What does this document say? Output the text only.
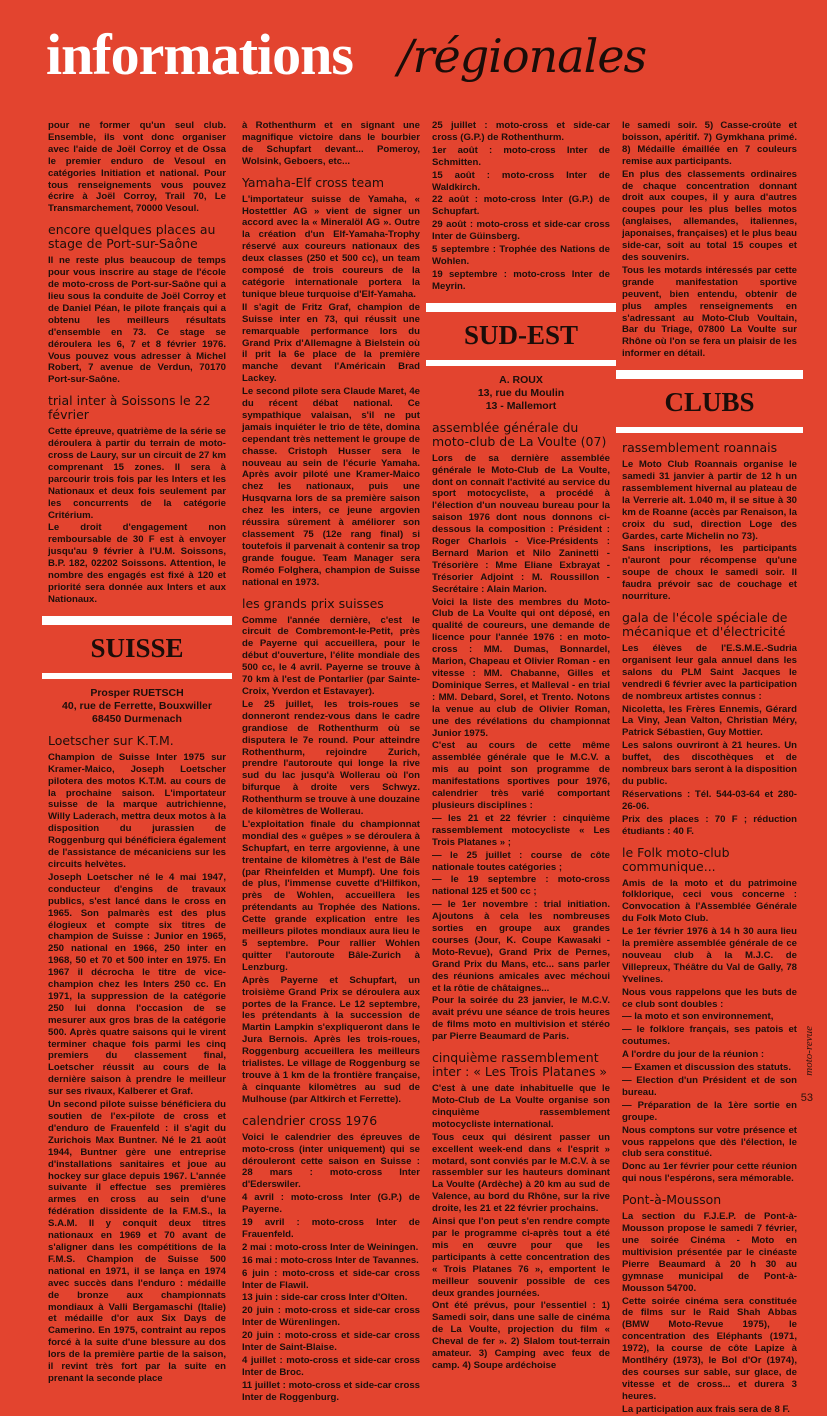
informations /régionales

pour ne former qu'un seul club. Ensemble, ils vont donc organiser avec l'aide de Joël Corroy et de Ossa le premier enduro de Vesoul en catégories Initiation et national. Pour tous renseignements vous pouvez écrire à Joël Corroy, Trail 70, Le Transmarchement, 70000 Vesoul.

encore quelques places au stage de Port-sur-Saône

Il ne reste plus beaucoup de temps pour vous inscrire au stage de l'école de moto-cross de Port-sur-Saône qui a lieu sous la conduite de Joël Corroy et de Daniel Péan, le pilote français qui a obtenu les meilleurs résultats d'ensemble en 73. Ce stage se déroulera les 6, 7 et 8 février 1976. Vous pouvez vous adresser à Michel Robert, 7 avenue de Verdun, 70170 Port-sur-Saône.

trial inter à Soissons le 22 février

Cette épreuve, quatrième de la série se déroulera à partir du terrain de moto-cross de Laury, sur un circuit de 27 km comprenant 15 zones. Il sera à parcourir trois fois par les Inters et les Nationaux et deux fois seulement par les concurrents de la catégorie Critérium.

Le droit d'engagement non remboursable de 30 F est à envoyer jusqu'au 9 février à l'U.M. Soissons, B.P. 182, 02202 Soissons. Attention, le nombre des engagés est fixé à 120 et priorité sera donnée aux Inters et aux Nationaux.

SUISSE

Prosper RUETSCH

40, rue de Ferrette, Bouxwiller

68450 Durmenach

Loetscher sur K.T.M.

Champion de Suisse Inter 1975 sur Kramer-Maico, Joseph Loetscher pilotera des motos K.T.M. au cours de la prochaine saison. L'importateur suisse de la marque autrichienne, Willy Laderach, mettra deux motos à la disposition du jurassien de Roggenburg qui bénéficiera également de l'assistance de mécaniciens sur les circuits helvètes.

Joseph Loetscher né le 4 mai 1947, conducteur d'engins de travaux publics, s'est lancé dans le cross en 1965. Son palmarès est des plus élogieux et compte six titres de champion de Suisse : Junior en 1965, 250 national en 1966, 250 inter en 1968, 50 et 70 et 500 inter en 1975. En 1967 il décrocha le titre de vice-champion chez les Inters 250 cc. En 1971, la suppression de la catégorie 250 lui donna l'occasion de se mesurer aux gros bras de la catégorie 500. Après quatre saisons qui le virent terminer chaque fois parmi les cinq premiers du classement final, Loetscher réussit au cours de la dernière saison à prendre le meilleur sur ses rivaux, Kalberer et Graf.

Un second pilote suisse bénéficiera du soutien de l'ex-pilote de cross et d'enduro de Frauenfeld : il s'agit du Zurichois Max Buntner. Né le 21 août 1944, Buntner gère une entreprise d'installations sanitaires et joue au hockey sur glace depuis 1967. L'année suivante il effectue ses premières armes en cross au sein d'une fédération dissidente de la F.M.S., la S.A.M. Il y conquit deux titres nationaux en 1969 et 70 avant de s'aligner dans les compétitions de la F.M.S. Champion de Suisse 500 national en 1971, il se lança en 1974 avec succès dans l'enduro : médaille de bronze aux championnats mondiaux à Valli Bergamaschi (Italie) et médaille d'or aux Six Days de Camerino. En 1975, contraint au repos forcé à la suite d'une blessure au dos lors de la première partie de la saison, il revint très fort par la suite en prenant la seconde place

à Rothenthurm et en signant une magnifique victoire dans le bourbier de Schupfart devant... Pomeroy, Wolsink, Geboers, etc...

Yamaha-Elf cross team

L'importateur suisse de Yamaha, « Hostettler AG » vient de signer un accord avec la « Mineralöl AG ». Outre la création d'un Elf-Yamaha-Trophy réservé aux coureurs nationaux des deux classes (250 et 500 cc), un team composé de trois coureurs de la catégorie internationale portera la tunique bleue turquoise d'Elf-Yamaha.

Il s'agit de Fritz Graf, champion de Suisse inter en 73, qui réussit une remarquable performance lors du Grand Prix d'Allemagne à Bielstein où il prit la 6e place de la première manche devant l'Américain Brad Lackey.

Le second pilote sera Claude Maret, 4e du récent débat national. Ce sympathique valaisan, s'il ne put jamais inquiéter le trio de tête, domina cependant très nettement le groupe de chasse. Cristoph Husser sera le nouveau au sein de l'écurie Yamaha. Après avoir piloté une Kramer-Maico chez les nationaux, puis une Husqvarna lors de sa première saison chez les inters, ce jeune argovien réussira sûrement à améliorer son classement 75 (12e rang final) si toutefois il parvenait à contenir sa trop grande fougue. Team Manager sera Roméo Folghera, champion de Suisse national en 1973.

les grands prix suisses

Comme l'année dernière, c'est le circuit de Combremont-le-Petit, près de Payerne qui accueillera, pour le début d'ouverture, l'élite mondiale des 500 cc, le 4 avril. Payerne se trouve à 70 km à l'est de Pontarlier (par Sainte-Croix, Yverdon et Estavayer).

Le 25 juillet, les trois-roues se donneront rendez-vous dans le cadre grandiose de Rothenthurm où se disputera le 7e round. Pour atteindre Rothenthurm, rejoindre Zurich, prendre l'autoroute qui longe la rive sud du lac jusqu'à Wollerau où l'on bifurque à droite vers Schwyz. Rothenthurm se trouve à une douzaine de kilomètres de Wollerau.

L'exploitation finale du championnat mondial des « guêpes » se déroulera à Schupfart, en terre argovienne, à une trentaine de kilomètres à l'est de Bâle (par Rheinfelden et Mumpf). Une fois de plus, l'immense cuvette d'Hilfikon, près de Wohlen, accueillera les prétendants au Trophée des Nations. Cette grande explication entre les meilleurs pilotes mondiaux aura lieu le 5 septembre. Pour rallier Wohlen quitter l'autoroute Bâle-Zurich à Lenzburg.

Après Payerne et Schupfart, un troisième Grand Prix se déroulera aux portes de la France. Le 12 septembre, les prétendants à la succession de Martin Lampkin s'expliqueront dans le Jura Bernois. Après les trois-roues, Roggenburg accueillera les meilleurs trialistes. Le village de Roggenburg se trouve à 1 km de la frontière française, à cinquante kilomètres au sud de Mulhouse (par Altkirch et Ferrette).

calendrier cross 1976

Voici le calendrier des épreuves de moto-cross (inter uniquement) qui se dérouleront cette saison en Suisse : 28 mars : moto-cross Inter d'Ederswiler.

4 avril : moto-cross Inter (G.P.) de Payerne.

19 avril : moto-cross Inter de Frauenfeld.

2 mai : moto-cross Inter de Weiningen.

16 mai : moto-cross Inter de Tavannes.

6 juin : moto-cross et side-car cross Inter de Flawil.

13 juin : side-car cross Inter d'Olten.

20 juin : moto-cross et side-car cross Inter de Würenlingen.

20 juin : moto-cross et side-car cross Inter de Saint-Blaise.

4 juillet : moto-cross et side-car cross Inter de Broc.

11 juillet : moto-cross et side-car cross Inter de Roggenburg.

25 juillet : moto-cross et side-car cross (G.P.) de Rothenthurm.

1er août : moto-cross Inter de Schmitten.

15 août : moto-cross Inter de Waldkirch.

22 août : moto-cross Inter (G.P.) de Schupfart.

29 août : moto-cross et side-car cross Inter de Güinsberg.

5 septembre : Trophée des Nations de Wohlen.

19 septembre : moto-cross Inter de Meyrin.

SUD-EST

A. ROUX

13, rue du Moulin

13 - Mallemort

assemblée générale du moto-club de La Voulte (07)

Lors de sa dernière assemblée générale le Moto-Club de La Voulte, dont on connaît l'activité au service du sport motocycliste, a procédé à l'élection d'un nouveau bureau pour la saison 1976 dont nous donnons ci-dessous la composition : Président : Roger Charlois - Vice-Présidents : Bernard Marion et Nilo Zaninetti - Trésorière : Mme Eliane Exbrayat - Trésorier Adjoint : M. Roussillon - Secrétaire : Alain Marion.

Voici la liste des membres du Moto-Club de La Voulte qui ont déposé, en qualité de coureurs, une demande de licence pour l'année 1976 : en moto-cross : MM. Dumas, Bonnardel, Marion, Chapeau et Olivier Roman - en vitesse : MM. Chabanne, Gilles et Dominique Serres, et Malleval - en trial : MM. Debard, Sorel, et Trento. Notons la venue au club de Olivier Roman, une des révélations du championnat Junior 1975.

C'est au cours de cette même assemblée générale que le M.C.V. a mis au point son programme de manifestations sportives pour 1976, calendrier très varié comportant plusieurs disciplines :

— les 21 et 22 février : cinquième rassemblement motocycliste « Les Trois Platanes » ;

— le 25 juillet : course de côte nationale toutes catégories ;

— le 19 septembre : moto-cross national 125 et 500 cc ;

— le 1er novembre : trial initiation. Ajoutons à cela les nombreuses sorties en groupe aux grandes courses (Jour, K. Coupe Kawasaki - Moto-Revue), Grand Prix de Pernes, Grand Prix du Mans, etc... sans parler des réunions amicales avec méchoui et la rôtie de châtaignes...

Pour la soirée du 23 janvier, le M.C.V. avait prévu une séance de trois heures de films moto en multivision et stéréo par Pierre Beaumard de Paris.

cinquième rassemblement inter : « Les Trois Platanes »

C'est à une date inhabituelle que le Moto-Club de La Voulte organise son cinquième rassemblement motocycliste international.

Tous ceux qui désirent passer un excellent week-end dans « l'esprit » motard, sont conviés par le M.C.V. à se rassembler sur les hauteurs dominant La Voulte (Ardèche) à 20 km au sud de Valence, au bord du Rhône, sur la rive droite, les 21 et 22 février prochains.

Ainsi que l'on peut s'en rendre compte par le programme ci-après tout a été mis en œuvre pour que les participants à cette concentration des « Trois Platanes 76 », emportent le meilleur souvenir possible de ces deux grandes journées.

Ont été prévus, pour l'essentiel : 1) Samedi soir, dans une salle de cinéma de La Voulte, projection du film « Cheval de fer ». 2) Slalom tout-terrain amateur. 3) Camping avec feux de camp. 4) Soupe ardéchoise

le samedi soir. 5) Casse-croûte et boisson, apéritif. 7) Gymkhana primé. 8) Médaille émaillée en 7 couleurs remise aux participants.

En plus des classements ordinaires de chaque concentration donnant droit aux coupes, il y aura d'autres coupes pour les plus belles motos (anglaises, allemandes, italiennes, japonaises, françaises) et le plus beau side-car, soit au total 15 coupes et des souvenirs.

Tous les motards intéressés par cette grande manifestation sportive peuvent, bien entendu, obtenir de plus amples renseignements en s'adressant au Moto-Club Voultain, Bar du Triage, 07800 La Voulte sur Rhône où l'on se fera un plaisir de les informer en détail.

CLUBS
rassemblement roannais

Le Moto Club Roannais organise le samedi 31 janvier à partir de 12 h un rassemblement hivernal au plateau de la Verrerie alt. 1.040 m, il se situe à 30 km de Roanne (accès par Renaison, la croix du sud, direction Loge des Gardes, carte Michelin no 73).

Sans inscriptions, les participants n'auront pour récompense qu'une soupe de choux le samedi soir. Il faudra prévoir sac de couchage et nourriture.

gala de l'école spéciale de mécanique et d'électricité

Les élèves de l'E.S.M.E.-Sudria organisent leur gala annuel dans les salons du PLM Saint Jacques le vendredi 6 février avec la participation de nombreux artistes connus :

Nicoletta, les Frères Ennemis, Gérard La Viny, Jean Valton, Christian Méry, Patrick Sébastien, Guy Mottier.

Les salons ouvriront à 21 heures. Un buffet, des discothèques et de nombreux bars seront à la disposition du public.

Réservations : Tél. 544-03-64 et 280-26-06.

Prix des places : 70 F ; réduction étudiants : 40 F.

le Folk moto-club communique...

Amis de la moto et du patrimoine folklorique, ceci vous concerne : Convocation à l'Assemblée Générale du Folk Moto Club.

Le 1er février 1976 à 14 h 30 aura lieu la première assemblée générale de ce nouveau club à la M.J.C. de Villepreux, Théâtre du Val de Gally, 78 Yvelines.

Nous vous rappelons que les buts de ce club sont doubles :

— la moto et son environnement,

— le folklore français, ses patois et coutumes.

A l'ordre du jour de la réunion :

— Examen et discussion des statuts.

— Election d'un Président et de son bureau.

— Préparation de la 1ère sortie en groupe.

Nous comptons sur votre présence et vous rappelons que dès l'élection, le club sera constitué.

Donc au 1er février pour cette réunion qui nous l'espérons, sera mémorable.

Pont-à-Mousson

La section du F.J.E.P. de Pont-à-Mousson propose le samedi 7 février, une soirée Cinéma - Moto en multivision présentée par le cinéaste Pierre Beaumard à 20 h 30 au gymnase municipal de Pont-à-Mousson 54700.

Cette soirée cinéma sera constituée de films sur le Raid Shah Abbas (BMW Moto-Revue 1975), le concentration des Eléphants (1971, 1972), la course de côte Lapize à Montlhéry (1973), le Bol d'Or (1974), des courses sur sable, sur glace, de vitesse et de cross... et durera 3 heures.

La participation aux frais sera de 8 F.

moto-revue
53
